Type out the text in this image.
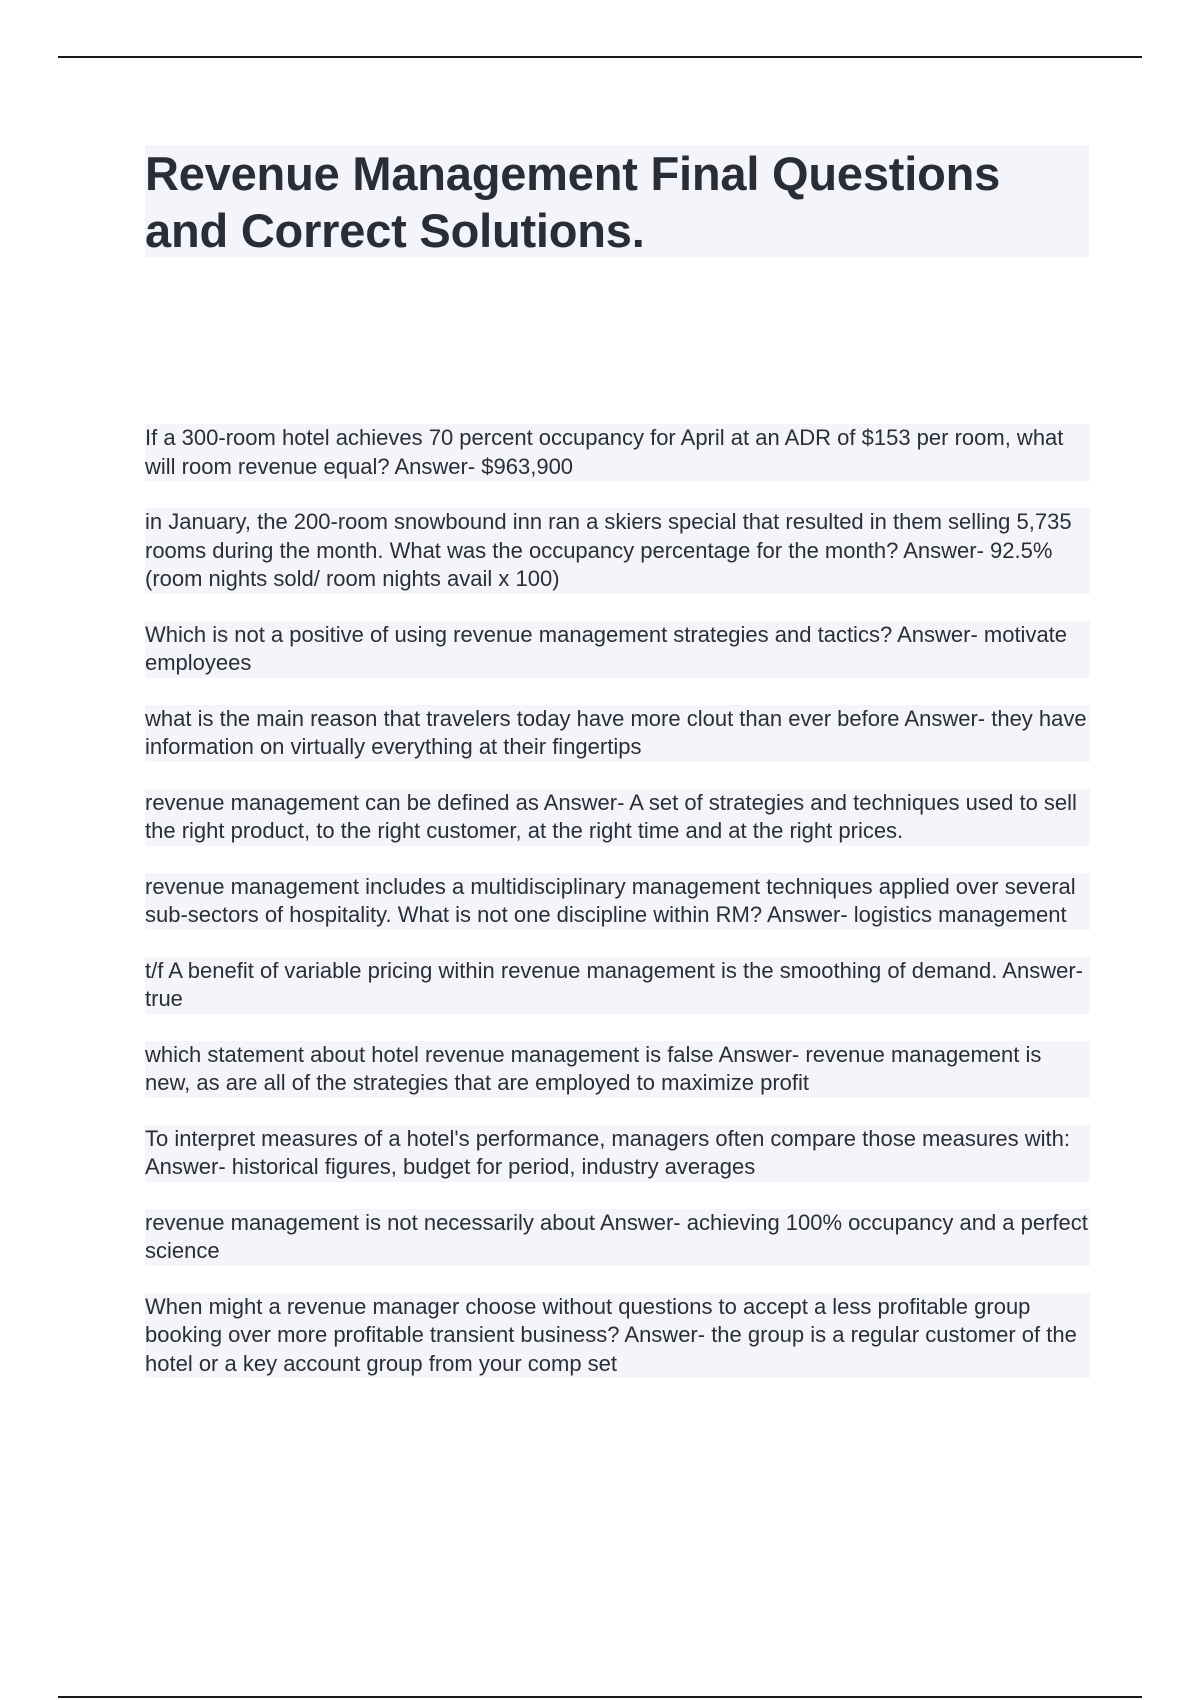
Revenue Management Final Questions
and Correct Solutions.

If a 300-room hotel achieves 70 percent occupancy for April at an ADR of $153 per room, what will room revenue equal? Answer- $963,900

in January, the 200-room snowbound inn ran a skiers special that resulted in them selling 5,735 rooms during the month. What was the occupancy percentage for the month? Answer- 92.5% (room nights sold/ room nights avail x 100)

Which is not a positive of using revenue management strategies and tactics? Answer- motivate employees

what is the main reason that travelers today have more clout than ever before Answer- they have information on virtually everything at their fingertips

revenue management can be defined as Answer- A set of strategies and techniques used to sell the right product, to the right customer, at the right time and at the right prices.

revenue management includes a multidisciplinary management techniques applied over several sub-sectors of hospitality. What is not one discipline within RM? Answer- logistics management

t/f A benefit of variable pricing within revenue management is the smoothing of demand. Answer- true

which statement about hotel revenue management is false Answer- revenue management is new, as are all of the strategies that are employed to maximize profit

To interpret measures of a hotel's performance, managers often compare those measures with: Answer- historical figures, budget for period, industry averages

revenue management is not necessarily about Answer- achieving 100% occupancy and a perfect science

When might a revenue manager choose without questions to accept a less profitable group booking over more profitable transient business? Answer- the group is a regular customer of the hotel or a key account group from your comp set
